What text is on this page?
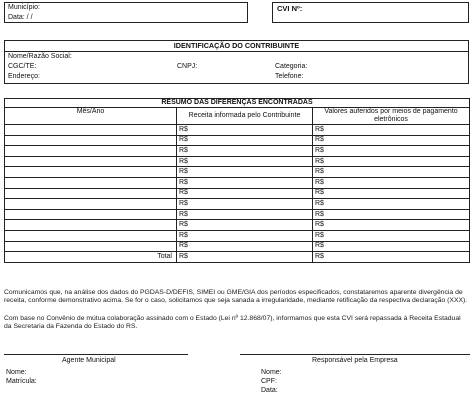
Município:
Data: / /
CVI Nº:
IDENTIFICAÇÃO DO CONTRIBUINTE
Nome/Razão Social:
CGC/TE:	CNPJ:	Categoria:
Endereço:	Telefone:
RESUMO DAS DIFERENÇAS ENCONTRADAS		
Mês/Ano	Receita informada pelo Contribuinte	Valores auferidos por meios de pagamento eletrônicos
	R$	R$
	R$	R$
	R$	R$
	R$	R$
	R$	R$
	R$	R$
	R$	R$
	R$	R$
	R$	R$
	R$	R$
	R$	R$
	R$	R$
Total	R$	R$
Comunicamos que, na análise dos dados do PGDAS-D/DEFIS, SIMEI ou GME/GIA dos períodos especificados, constataremos aparente divergência de receita, conforme demonstrativo acima. Se for o caso, solicitamos que seja sanada a irregularidade, mediante retificação da respectiva declaração (XXX).
Com base no Convênio de mútua colaboração assinado com o Estado (Lei nº 12.868/07), informamos que esta CVI será repassada à Receita Estadual da Secretaria da Fazenda do Estado do RS.
Agente Municipal
Nome:
Matrícula:
Responsável pela Empresa
Nome:
CPF:
Data:
